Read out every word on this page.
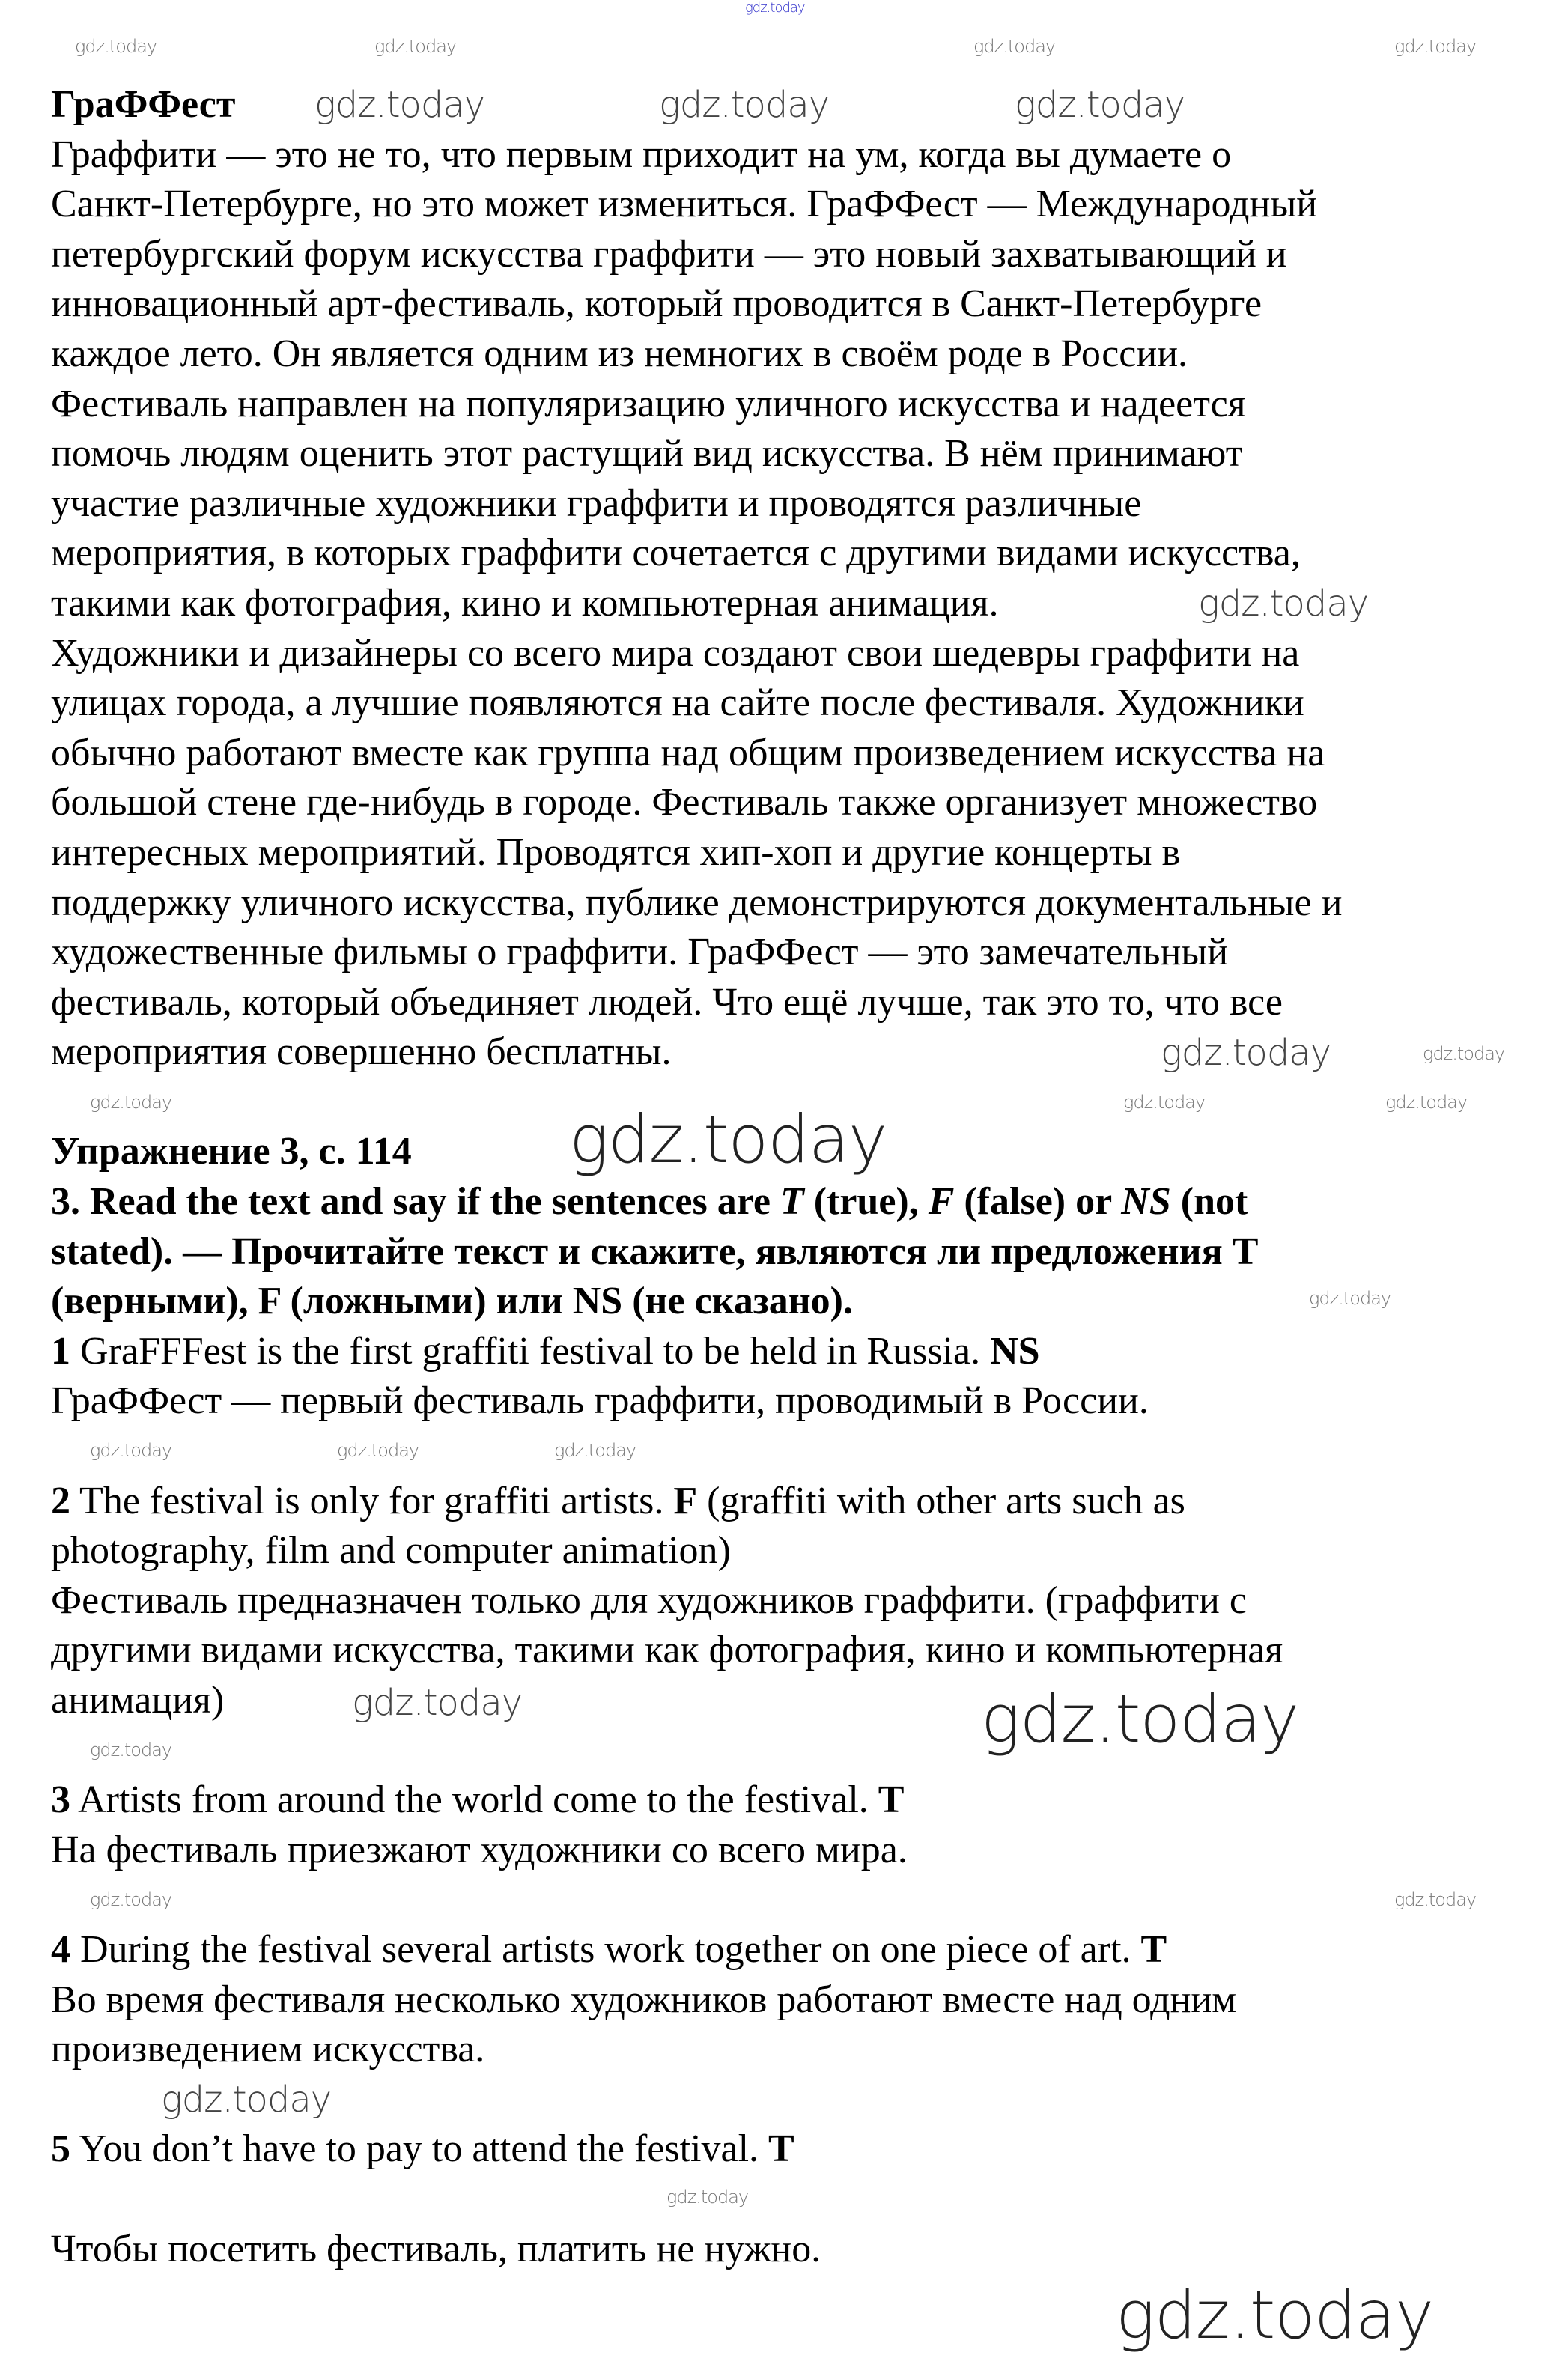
ГраФФест
Граффити — это не то, что первым приходит на ум, когда вы думаете о
Санкт-Петербурге, но это может измениться. ГраФФест — Международный
петербургский форум искусства граффити — это новый захватывающий и
инновационный арт-фестиваль, который проводится в Санкт-Петербурге
каждое лето. Он является одним из немногих в своём роде в России.
Фестиваль направлен на популяризацию уличного искусства и надеется
помочь людям оценить этот растущий вид искусства. В нём принимают
участие различные художники граффити и проводятся различные
мероприятия, в которых граффити сочетается с другими видами искусства,
такими как фотография, кино и компьютерная анимация.
Художники и дизайнеры со всего мира создают свои шедевры граффити на
улицах города, а лучшие появляются на сайте после фестиваля. Художники
обычно работают вместе как группа над общим произведением искусства на
большой стене где-нибудь в городе. Фестиваль также организует множество
интересных мероприятий. Проводятся хип-хоп и другие концерты в
поддержку уличного искусства, публике демонстрируются документальные и
художественные фильмы о граффити. ГраФФест — это замечательный
фестиваль, который объединяет людей. Что ещё лучше, так это то, что все
мероприятия совершенно бесплатны.
Упражнение 3, с. 114
3. Read the text and say if the sentences are T (true), F (false) or NS (not
stated). — Прочитайте текст и скажите, являются ли предложения T
(верными), F (ложными) или NS (не сказано).
1 GraFFFest is the first graffiti festival to be held in Russia. NS
ГраФФест — первый фестиваль граффити, проводимый в России.
2 The festival is only for graffiti artists. F (graffiti with other arts such as
photography, film and computer animation)
Фестиваль предназначен только для художников граффити. (граффити с
другими видами искусства, такими как фотография, кино и компьютерная
анимация)
3 Artists from around the world come to the festival. T
На фестиваль приезжают художники со всего мира.
4 During the festival several artists work together on one piece of art. T
Во время фестиваля несколько художников работают вместе над одним
произведением искусства.
5 You don’t have to pay to attend the festival. T
Чтобы посетить фестиваль, платить не нужно.
gdz.today
gdz.today	gdz.today	gdz.today	gdz.today
gdz.today	gdz.today	gdz.today
gdz.today
gdz.today	gdz.today
gdz.today	gdz.today	gdz.today
gdz.today
gdz.today
gdz.today	gdz.today	gdz.today
gdz.today	gdz.today
gdz.today
gdz.today	gdz.today
gdz.today
gdz.today
gdz.today
